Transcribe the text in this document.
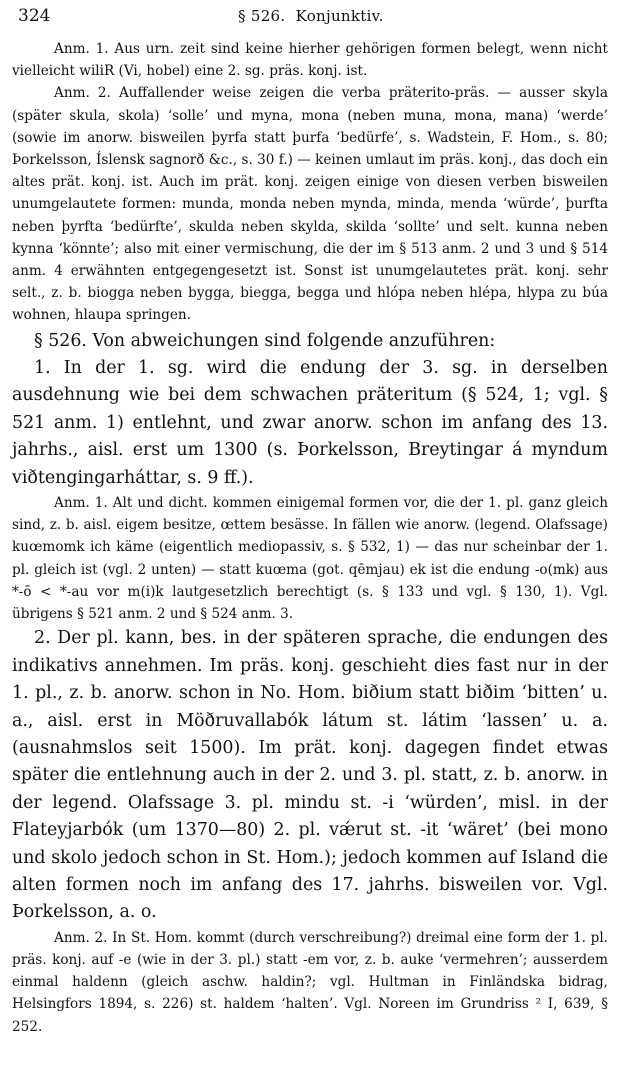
324	§ 526.  Konjunktiv.

Anm. 1. Aus urn. zeit sind keine hierher gehörigen formen belegt, wenn nicht vielleicht wiliR (Vi, hobel) eine 2. sg. präs. konj. ist.

Anm. 2. Auffallender weise zeigen die verba präterito-präs. — ausser skyla (später skula, skola) ‘solle’ und myna, mona (neben muna, mona, mana) ‘werde’ (sowie im anorw. bisweilen þyrfa statt þurfa ‘bedürfe’, s. Wadstein, F. Hom., s. 80; Þorkelsson, Íslensk sagnorð &c., s. 30 f.) — keinen umlaut im präs. konj., das doch ein altes prät. konj. ist. Auch im prät. konj. zeigen einige von diesen verben bisweilen unumgelautete formen: munda, monda neben mynda, minda, menda ‘würde’, þurfta neben þyrfta ‘bedürfte’, skulda neben skylda, skilda ‘sollte’ und selt. kunna neben kynna ‘könnte’; also mit einer vermischung, die der im § 513 anm. 2 und 3 und § 514 anm. 4 erwähnten entgegengesetzt ist. Sonst ist unumgelautetes prät. konj. sehr selt., z. b. biogga neben byggа, biegga, begga und hlópa neben hlépa, hlypa zu búa wohnen, hlaupa springen.

§ 526. Von abweichungen sind folgende anzuführen:

1. In der 1. sg. wird die endung der 3. sg. in derselben ausdehnung wie bei dem schwachen präteritum (§ 524, 1; vgl. § 521 anm. 1) entlehnt, und zwar anorw. schon im anfang des 13. jahrhs., aisl. erst um 1300 (s. Þorkelsson, Breytingar á myndum viðtengingarháttar, s. 9 ff.).

Anm. 1. Alt und dicht. kommen einigemal formen vor, die der 1. pl. ganz gleich sind, z. b. aisl. eigem besitze, œttem besässe. In fällen wie anorw. (legend. Olafssage) kuœmomk ich käme (eigentlich mediopassiv, s. § 532, 1) — das nur scheinbar der 1. pl. gleich ist (vgl. 2 unten) — statt kuœma (got. qēmjau) ek ist die endung -o(mk) aus *-ō < *-au vor m(i)k lautgesetzlich berechtigt (s. § 133 und vgl. § 130, 1). Vgl. übrigens § 521 anm. 2 und § 524 anm. 3.

2. Der pl. kann, bes. in der späteren sprache, die endungen des indikativs annehmen. Im präs. konj. geschieht dies fast nur in der 1. pl., z. b. anorw. schon in No. Hom. biðium statt biðim ‘bitten’ u. a., aisl. erst in Möðruvallabók látum st. látim ‘lassen’ u. a. (ausnahmslos seit 1500). Im prät. konj. dagegen findet etwas später die entlehnung auch in der 2. und 3. pl. statt, z. b. anorw. in der legend. Olafssage 3. pl. mindu st. -i ‘würden’, misl. in der Flateyjarbók (um 1370—80) 2. pl. vǽrut st. -it ‘wäret’ (bei mono und skolo jedoch schon in St. Hom.); jedoch kommen auf Island die alten formen noch im anfang des 17. jahrhs. bisweilen vor. Vgl. Þorkelsson, a. o.

Anm. 2. In St. Hom. kommt (durch verschreibung?) dreimal eine form der 1. pl. präs. konj. auf -e (wie in der 3. pl.) statt -em vor, z. b. auke ‘vermehren’; ausserdem einmal haldenn (gleich aschw. haldin?; vgl. Hultman in Finländska bidrag, Helsingfors 1894, s. 226) st. haldem ‘halten’. Vgl. Noreen im Grundriss ² I, 639, § 252.
